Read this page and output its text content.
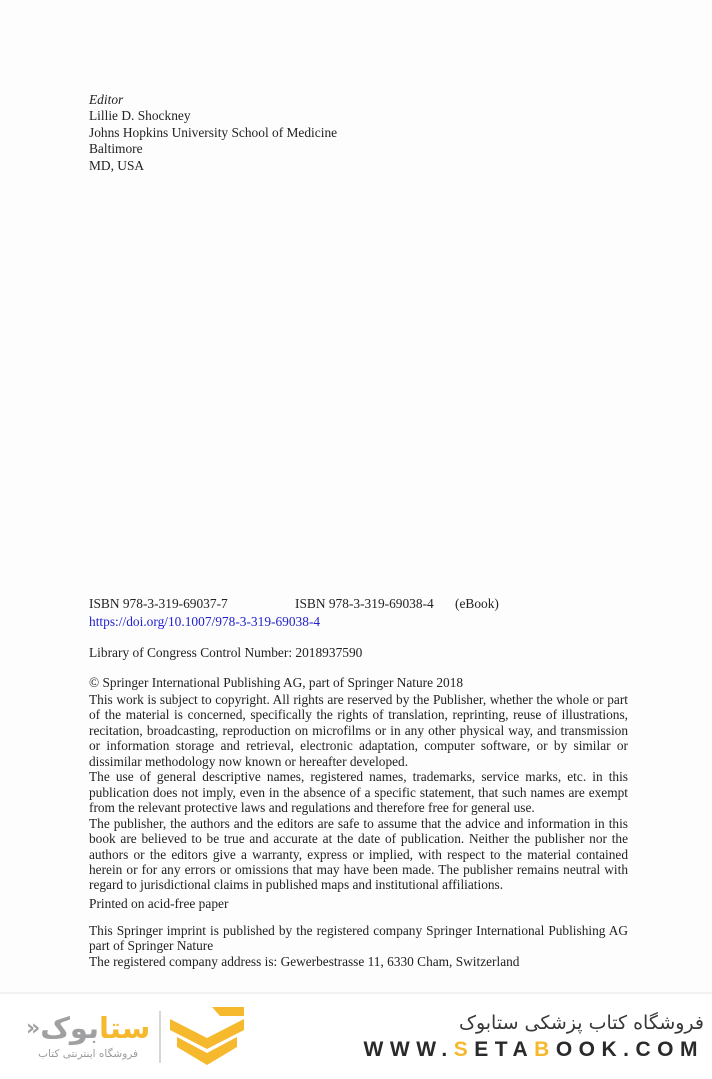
Editor
Lillie D. Shockney
Johns Hopkins University School of Medicine
Baltimore
MD, USA
ISBN 978-3-319-69037-7	ISBN 978-3-319-69038-4 (eBook)
https://doi.org/10.1007/978-3-319-69038-4
Library of Congress Control Number: 2018937590

© Springer International Publishing AG, part of Springer Nature 2018

This work is subject to copyright. All rights are reserved by the Publisher, whether the whole or part of the material is concerned, specifically the rights of translation, reprinting, reuse of illustrations, recitation, broadcasting, reproduction on microfilms or in any other physical way, and transmission or information storage and retrieval, electronic adaptation, computer software, or by similar or dissimilar methodology now known or hereafter developed.

The use of general descriptive names, registered names, trademarks, service marks, etc. in this publication does not imply, even in the absence of a specific statement, that such names are exempt from the relevant protective laws and regulations and therefore free for general use.

The publisher, the authors and the editors are safe to assume that the advice and information in this book are believed to be true and accurate at the date of publication. Neither the publisher nor the authors or the editors give a warranty, express or implied, with respect to the material contained herein or for any errors or omissions that may have been made. The publisher remains neutral with regard to jurisdictional claims in published maps and institutional affiliations.

Printed on acid-free paper

This Springer imprint is published by the registered company Springer International Publishing AG part of Springer Nature

The registered company address is: Gewerbestrasse 11, 6330 Cham, Switzerland

ستابوک«
فروشگاه اینترنتی کتاب
فروشگاه کتاب پزشکی ستابوک
WWW.SETABOOK.COM
